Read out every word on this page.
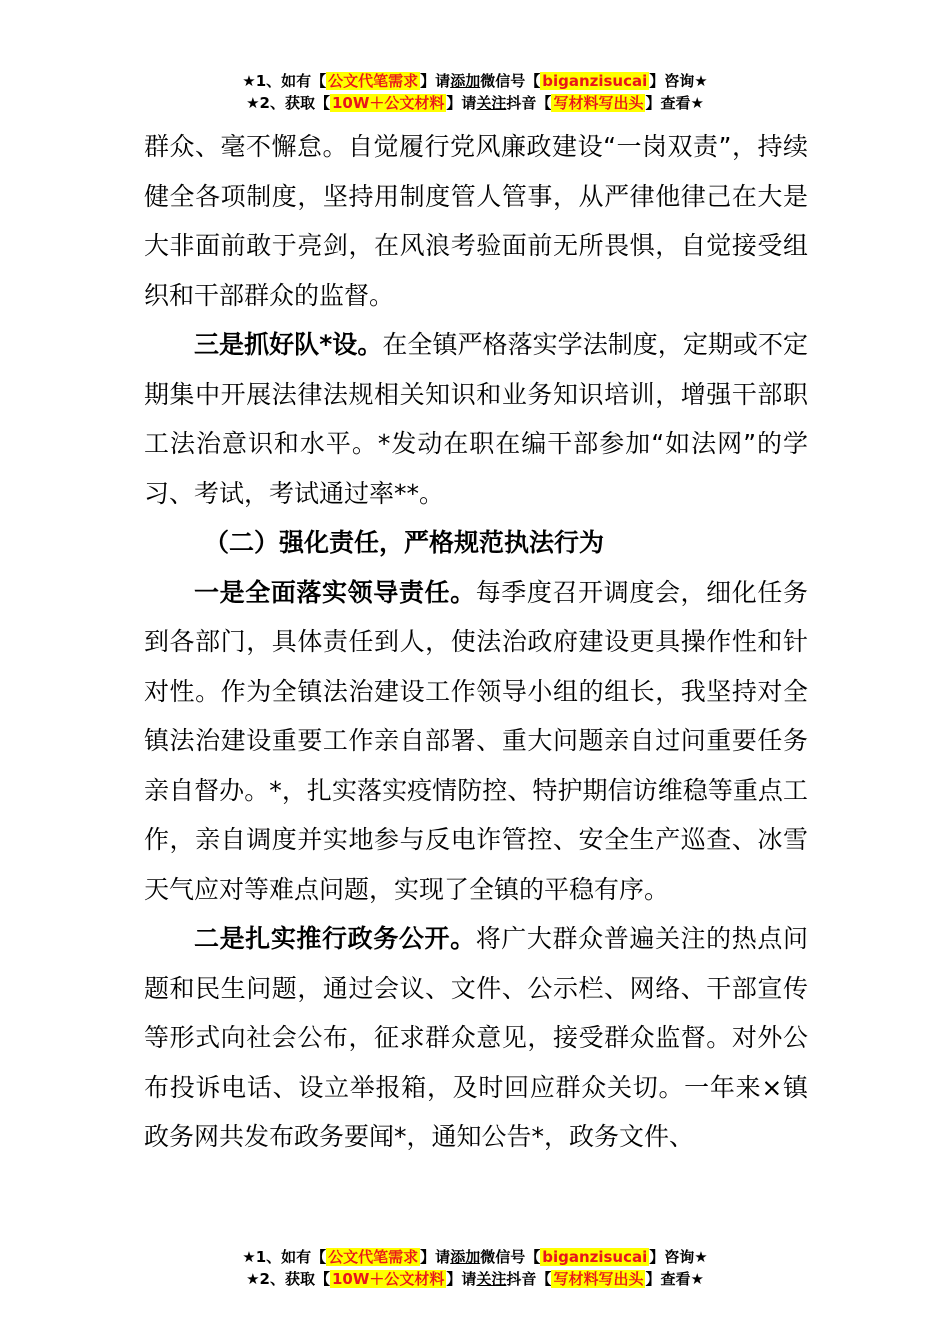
★1、如有【 公文代笔需求 】请添加微信号【 biganzisucai 】咨询★
★2、获取【 10W＋公文材料 】请关注抖音【 写材料写出头 】查看★

群众、毫不懈怠。自觉履行党风廉政建设“一岗双责”，持续健全各项制度，坚持用制度管人管事，从严律他律己在大是大非面前敢于亮剑，在风浪考验面前无所畏惧，自觉接受组织和干部群众的监督。

三是抓好队*设。在全镇严格落实学法制度，定期或不定期集中开展法律法规相关知识和业务知识培训，增强干部职工法治意识和水平。*发动在职在编干部参加“如法网”的学习、考试，考试通过率**。

（二）强化责任，严格规范执法行为

一是全面落实领导责任。每季度召开调度会，细化任务到各部门，具体责任到人，使法治政府建设更具操作性和针对性。作为全镇法治建设工作领导小组的组长，我坚持对全镇法治建设重要工作亲自部署、重大问题亲自过问重要任务亲自督办。*，扎实落实疫情防控、特护期信访维稳等重点工作，亲自调度并实地参与反电诈管控、安全生产巡查、冰雪天气应对等难点问题，实现了全镇的平稳有序。

二是扎实推行政务公开。将广大群众普遍关注的热点问题和民生问题，通过会议、文件、公示栏、网络、干部宣传等形式向社会公布，征求群众意见，接受群众监督。对外公布投诉电话、设立举报箱，及时回应群众关切。一年来×镇政务网共发布政务要闻*，通知公告*，政务文件、

★1、如有【 公文代笔需求 】请添加微信号【 biganzisucai 】咨询★
★2、获取【 10W＋公文材料 】请关注抖音【 写材料写出头 】查看★
